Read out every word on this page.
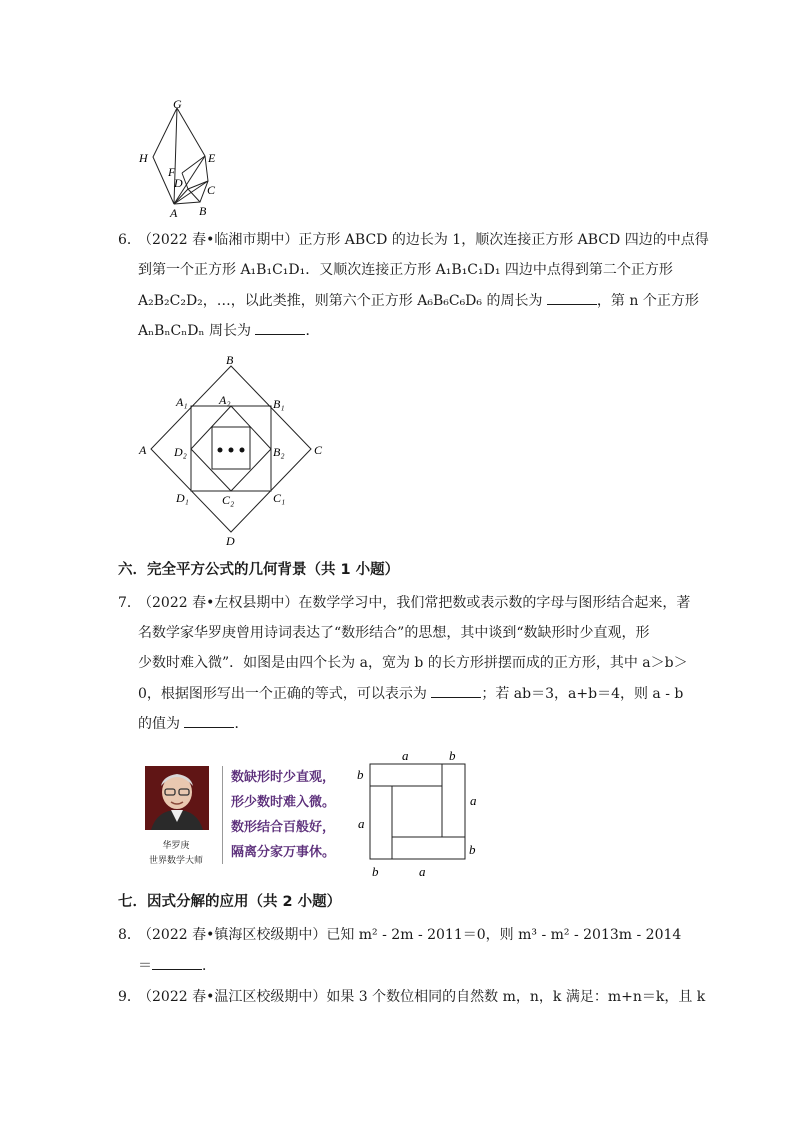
G
H	E
F
D C
A B
6．
（2022 春•临湘市期中）正方形 ABCD 的边长为 1，顺次连接正方形 ABCD 四边的中点得
到第一个正方形 A₁B₁C₁D₁．又顺次连接正方形 A₁B₁C₁D₁ 四边中点得到第二个正方形
A₂B₂C₂D₂，…，以此类推，则第六个正方形 A₆B₆C₆D₆ 的周长为	，第 n 个正方形
AₙBₙCₙDₙ 周长为	．
B
A₂
A₁	B₁
A D₂	B₂ C
D₁	C₂	C₁
D
六．完全平方公式的几何背景（共 1 小题）
7．
（2022 春•左权县期中）在数学学习中，我们常把数或表示数的字母与图形结合起来，著
名数学家华罗庚曾用诗词表达了“数形结合”的思想，其中谈到“数缺形时少直观，形
少数时难入微”．如图是由四个长为 a，宽为 b 的长方形拼摆而成的正方形，其中 a＞b＞
0，根据图形写出一个正确的等式，可以表示为	；若 ab＝3，a+b＝4，则 a - b
的值为	．
华罗庚
世界数学大师
数缺形时少直观，
形少数时难入微。
数形结合百般好，
隔离分家万事休。
a	b
b
a
a
b
b	a
七．因式分解的应用（共 2 小题）
8．
（2022 春•镇海区校级期中）已知 m² - 2m - 2011＝0，则 m³ - m² - 2013m - 2014
＝	．
9．
（2022 春•温江区校级期中）如果 3 个数位相同的自然数 m，n，k 满足：m+n＝k，且 k
